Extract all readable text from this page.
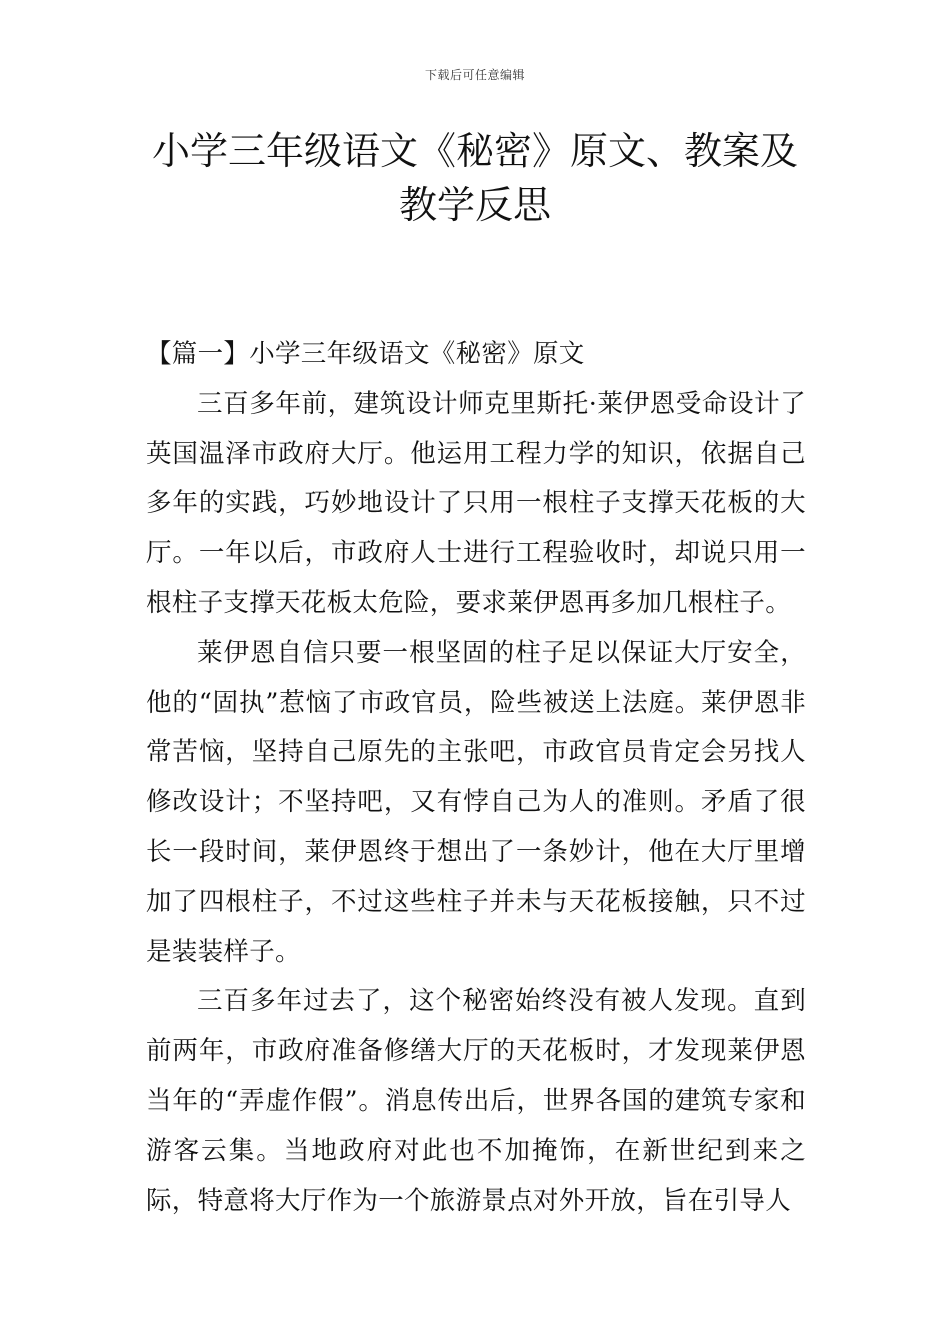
下载后可任意编辑
小学三年级语文《秘密》原文、教案及教学反思
【篇一】小学三年级语文《秘密》原文

三百多年前，建筑设计师克里斯托·莱伊恩受命设计了英国温泽市政府大厅。他运用工程力学的知识，依据自己多年的实践，巧妙地设计了只用一根柱子支撑天花板的大厅。一年以后，市政府人士进行工程验收时，却说只用一根柱子支撑天花板太危险，要求莱伊恩再多加几根柱子。

莱伊恩自信只要一根坚固的柱子足以保证大厅安全，他的“固执”惹恼了市政官员，险些被送上法庭。莱伊恩非常苦恼，坚持自己原先的主张吧，市政官员肯定会另找人修改设计；不坚持吧，又有悖自己为人的准则。矛盾了很长一段时间，莱伊恩终于想出了一条妙计，他在大厅里增加了四根柱子，不过这些柱子并未与天花板接触，只不过是装装样子。

三百多年过去了，这个秘密始终没有被人发现。直到前两年，市政府准备修缮大厅的天花板时，才发现莱伊恩当年的“弄虚作假”。消息传出后，世界各国的建筑专家和游客云集。当地政府对此也不加掩饰，在新世纪到来之际，特意将大厅作为一个旅游景点对外开放，旨在引导人
